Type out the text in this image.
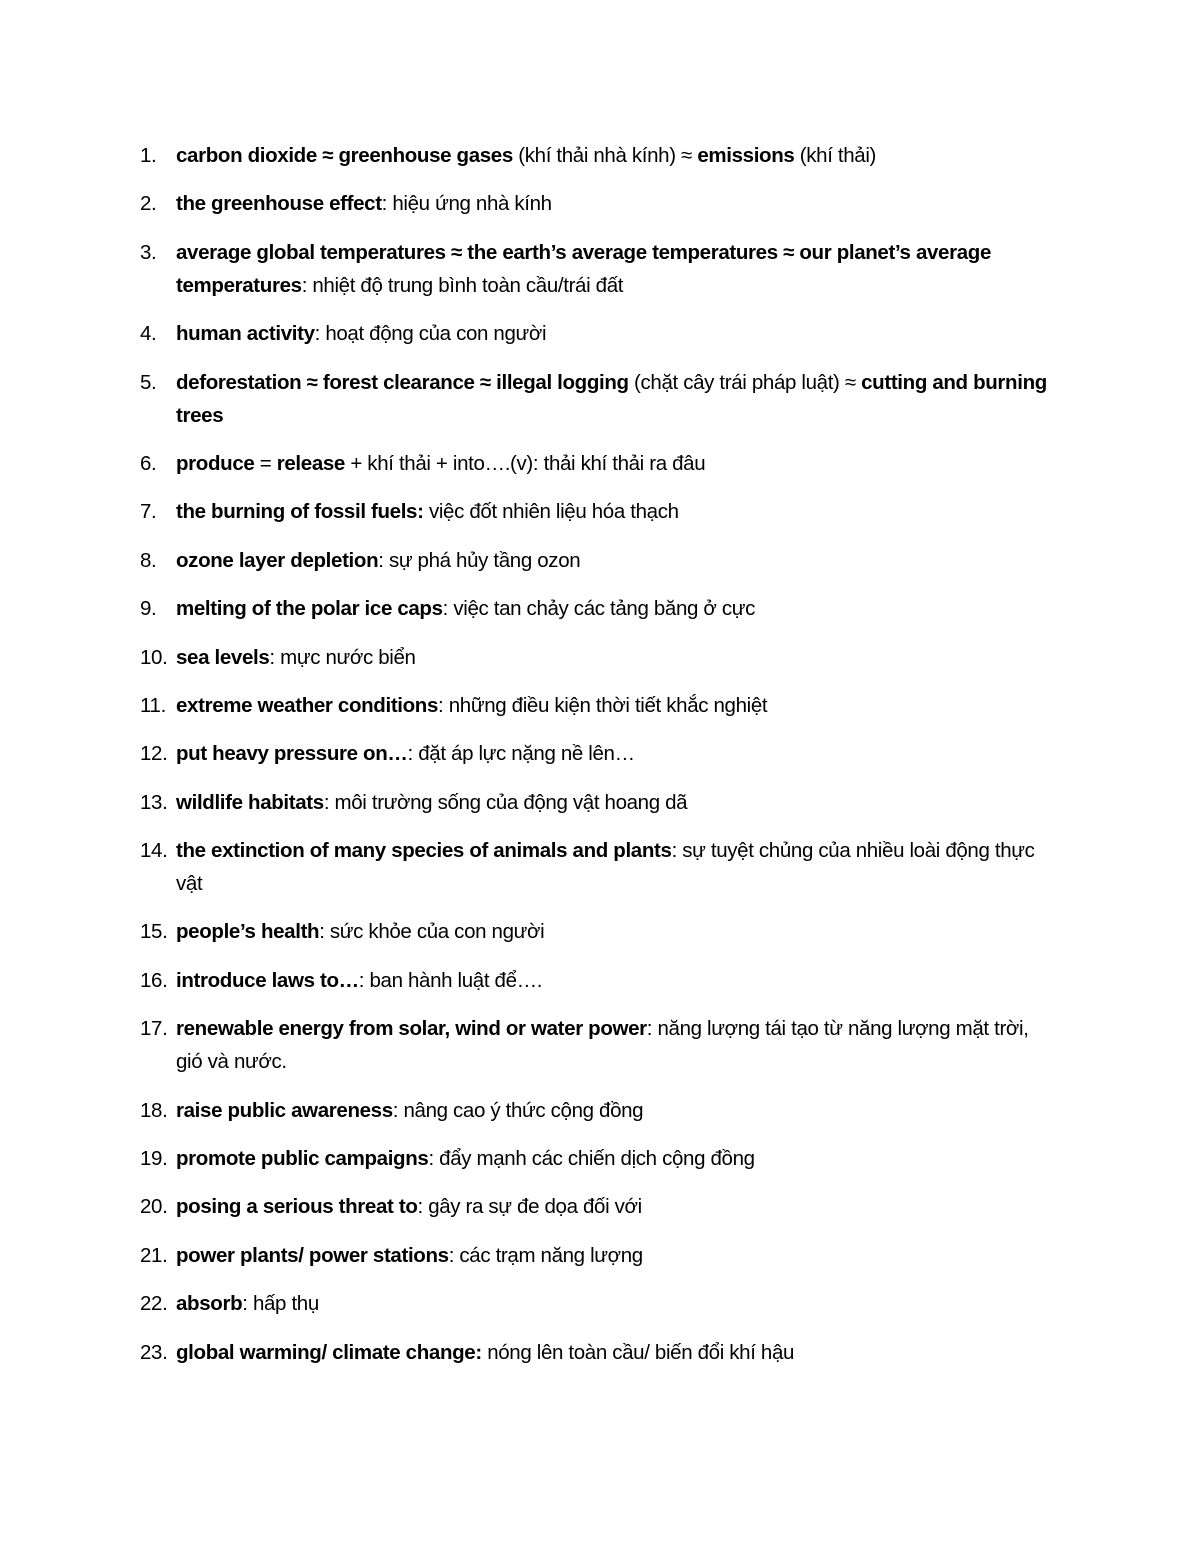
1. carbon dioxide ≈ greenhouse gases (khí thải nhà kính) ≈ emissions (khí thải)
2. the greenhouse effect: hiệu ứng nhà kính
3. average global temperatures ≈ the earth’s average temperatures ≈ our planet’s average temperatures: nhiệt độ trung bình toàn cầu/trái đất
4. human activity: hoạt động của con người
5. deforestation ≈ forest clearance ≈ illegal logging (chặt cây trái pháp luật) ≈ cutting and burning trees
6. produce = release + khí thải + into….(v): thải khí thải ra đâu
7. the burning of fossil fuels: việc đốt nhiên liệu hóa thạch
8. ozone layer depletion: sự phá hủy tầng ozon
9. melting of the polar ice caps: việc tan chảy các tảng băng ở cực
10. sea levels: mực nước biển
11. extreme weather conditions: những điều kiện thời tiết khắc nghiệt
12. put heavy pressure on…: đặt áp lực nặng nề lên…
13. wildlife habitats: môi trường sống của động vật hoang dã
14. the extinction of many species of animals and plants: sự tuyệt chủng của nhiều loài động thực vật
15. people’s health: sức khỏe của con người
16. introduce laws to…: ban hành luật để….
17. renewable energy from solar, wind or water power: năng lượng tái tạo từ năng lượng mặt trời, gió và nước.
18. raise public awareness: nâng cao ý thức cộng đồng
19. promote public campaigns: đẩy mạnh các chiến dịch cộng đồng
20. posing a serious threat to: gây ra sự đe dọa đối với
21. power plants/ power stations: các trạm năng lượng
22. absorb: hấp thụ
23. global warming/ climate change: nóng lên toàn cầu/ biến đổi khí hậu
